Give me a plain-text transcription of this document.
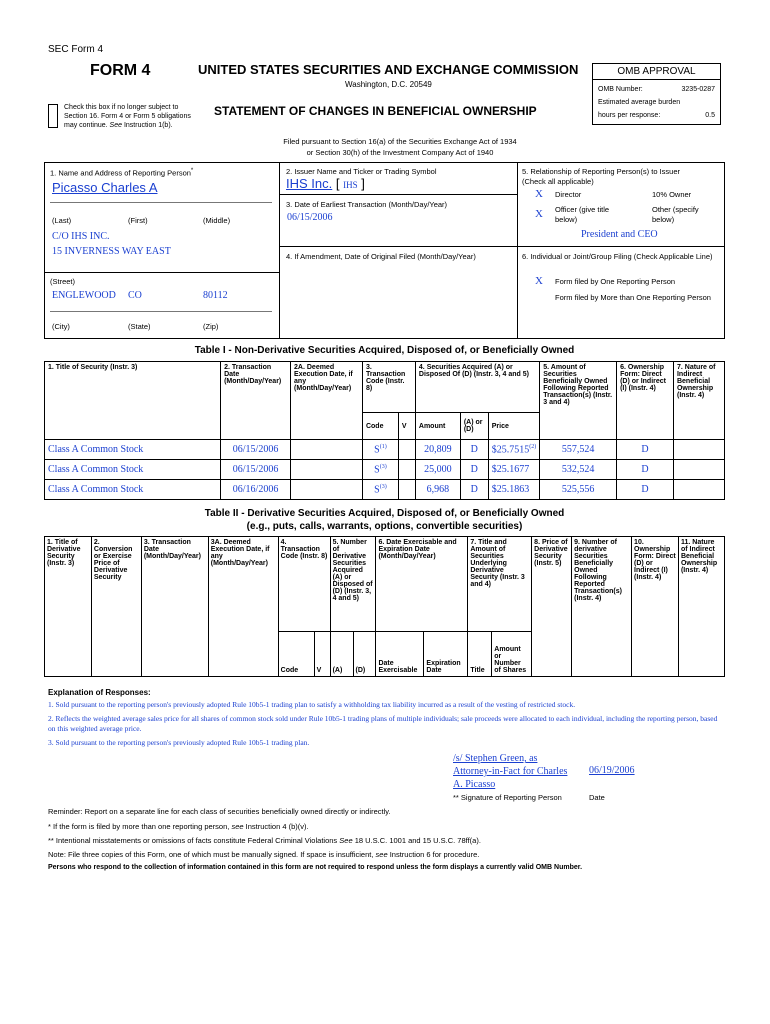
SEC Form 4
FORM 4	UNITED STATES SECURITIES AND EXCHANGE COMMISSION
Washington, D.C. 20549
Check this box if no longer subject to Section 16. Form 4 or Form 5 obligations may continue. See Instruction 1(b).
STATEMENT OF CHANGES IN BENEFICIAL OWNERSHIP
OMB APPROVAL
OMB Number:	3235-0287
Estimated average burden
hours per response:	0.5
Filed pursuant to Section 16(a) of the Securities Exchange Act of 1934
or Section 30(h) of the Investment Company Act of 1940
1. Name and Address of Reporting Person*
Picasso Charles A
(Last)	(First)	(Middle)
C/O IHS INC.
15 INVERNESS WAY EAST
(Street)
ENGLEWOOD CO	80112
(City)	(State)	(Zip)
2. Issuer Name and Ticker or Trading Symbol
IHS Inc. [ IHS ]
3. Date of Earliest Transaction (Month/Day/Year)
06/15/2006
4. If Amendment, Date of Original Filed (Month/Day/Year)
5. Relationship of Reporting Person(s) to Issuer
(Check all applicable)
X Director	10% Owner
X Officer (give title below)
Other (specify below)
President and CEO
6. Individual or Joint/Group Filing (Check Applicable Line)
X Form filed by One Reporting Person
Form filed by More than One Reporting Person
Table I - Non-Derivative Securities Acquired, Disposed of, or Beneficially Owned
1. Title of Security (Instr. 3)	2. Transaction Date (Month/Day/Year)	2A. Deemed Execution Date, if any (Month/Day/Year)	3. Transaction Code (Instr. 8)		4. Securities Acquired (A) or Disposed Of (D) (Instr. 3, 4 and 5)			5. Amount of Securities Beneficially Owned Following Reported Transaction(s) (Instr. 3 and 4)	6. Ownership Form: Direct (D) or Indirect (I) (Instr. 4)	7. Nature of Indirect Beneficial Ownership (Instr. 4)
			Code	V	Amount	(A) or (D)	Price			
Class A Common Stock	06/15/2006		$S^{(1)}$		20,809	D	$25.7515$^{(2)}$	557,524	D	
Class A Common Stock	06/15/2006		$S^{(3)}$		25,000	D	$25.1677	532,524	D	
Class A Common Stock	06/16/2006		$S^{(3)}$		6,968	D	$25.1863	525,556	D	
Table II - Derivative Securities Acquired, Disposed of, or Beneficially Owned
(e.g., puts, calls, warrants, options, convertible securities)
1. Title of Derivative Security (Instr. 3)	2. Conversion or Exercise Price of Derivative Security	3. Transaction Date (Month/Day/Year)	3A. Deemed Execution Date, if any (Month/Day/Year)	4. Transaction Code (Instr. 8)		5. Number of Derivative Securities Acquired (A) or Disposed of (D) (Instr. 3, 4 and 5)		6. Date Exercisable and Expiration Date (Month/Day/Year)		7. Title and Amount of Securities Underlying Derivative Security (Instr. 3 and 4)		8. Price of Derivative Security (Instr. 5)	9. Number of derivative Securities Beneficially Owned Following Reported Transaction(s) (Instr. 4)	10. Ownership Form: Direct (D) or Indirect (I) (Instr. 4)	11. Nature of Indirect Beneficial Ownership (Instr. 4)
				Code	V	(A)	(D)	Date Exercisable	Expiration Date	Title	Amount or Number of Shares				
Explanation of Responses:
1. Sold pursuant to the reporting person's previously adopted Rule 10b5-1 trading plan to satisfy a withholding tax liability incurred as a result of the vesting of restricted stock.
2. Reflects the weighted average sales price for all shares of common stock sold under Rule 10b5-1 trading plans of multiple individuals; sale proceeds were allocated to each individual, including the reporting person, based on this weighted average price.
3. Sold pursuant to the reporting person's previously adopted Rule 10b5-1 trading plan.
/s/ Stephen Green, as Attorney-in-Fact for Charles A. Picasso
06/19/2006
** Signature of Reporting Person	Date
Reminder: Report on a separate line for each class of securities beneficially owned directly or indirectly.
* If the form is filed by more than one reporting person, see Instruction 4 (b)(v).
** Intentional misstatements or omissions of facts constitute Federal Criminal Violations See 18 U.S.C. 1001 and 15 U.S.C. 78ff(a).
Note: File three copies of this Form, one of which must be manually signed. If space is insufficient, see Instruction 6 for procedure.
Persons who respond to the collection of information contained in this form are not required to respond unless the form displays a currently valid OMB Number.
